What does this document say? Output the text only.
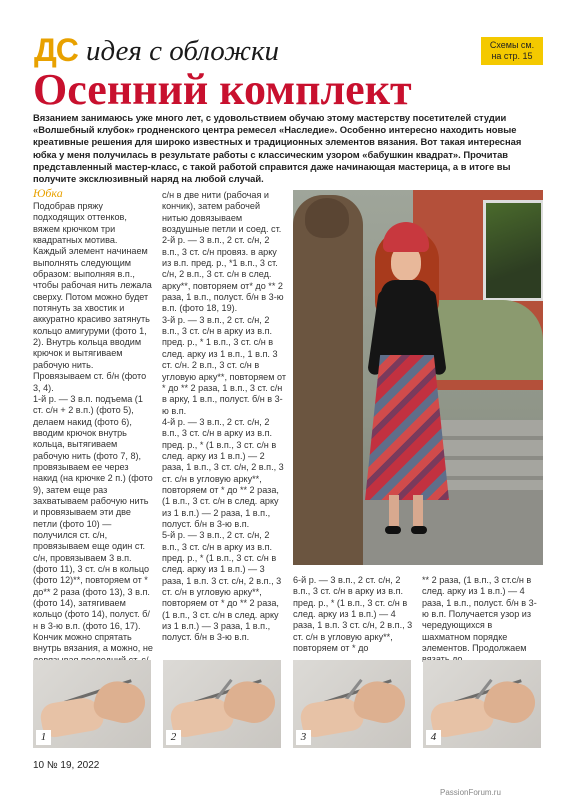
ДС идея с обложки	Схемы см. на стр. 15
Осенний комплект
Вязанием занимаюсь уже много лет, с удовольствием обучаю этому мастерству посетителей студии «Волшебный клубок» гродненского центра ремесел «Наследие». Особенно интересно находить новые креативные решения для широко известных и традиционных элементов вязания. Вот такая интересная юбка у меня получилась в результате работы с классическим узором «бабушкин квадрат». Прочитав представленный мастер-класс, с такой работой справится даже начинающая мастерица, а в итоге вы получите эксклюзивный наряд на любой случай.
Юбка
Подобрав пряжу подходящих оттенков, вяжем крючком три квадратных мотива. Каждый элемент начинаем выполнять следующим образом: выполняя в.п., чтобы рабочая нить лежала сверху. Потом можно будет потянуть за хвостик и аккуратно красиво затянуть кольцо амигуруми (фото 1, 2). Внутрь кольца вводим крючок и вытягиваем рабочую нить. Провязываем ст. б/н (фото 3, 4).
1-й р. — 3 в.п. подъема (1 ст. с/н + 2 в.п.) (фото 5), делаем накид (фото 6), вводим крючок внутрь кольца, вытягиваем рабочую нить (фото 7, 8), провязываем ее через накид (на крючке 2 п.) (фото 9), затем еще раз захватываем рабочую нить и провязываем эти две петли (фото 10) — получился ст. с/н, провязываем еще один ст. с/н, провязываем 3 в.п. (фото 11), 3 ст. с/н в кольцо (фото 12)**, повторяем от * до** 2 раза (фото 13), 3 в.п. (фото 14), затягиваем кольцо (фото 14), полуст. б/н в 3-ю в.п. (фото 16, 17). Кончик можно спрятать внутрь вязания, а можно, не
с/н в две нити (рабочая и кончик), затем рабочей нитью довязываем воздушные петли и соед. ст.
2-й р. — 3 в.п., 2 ст. с/н, 2 в.п., 3 ст. с/н провяз. в арку из в.п. пред. р., *1 в.п., 3 ст. с/н, 2 в.п., 3 ст. с/н в след. арку**, повторяем от* до ** 2 раза, 1 в.п., полуст. б/н в 3-ю в.п. (фото 18, 19).
3-й р. — 3 в.п., 2 ст. с/н, 2 в.п., 3 ст. с/н в арку из в.п. пред. р., * 1 в.п., 3 ст. с/н в след. арку из 1 в.п., 1 в.п. 3 ст. с/н. 2 в.п., 3 ст. с/н в угловую арку**, повторяем от * до ** 2 раза, 1 в.п., 3 ст. с/н в арку, 1 в.п., полуст. б/н в 3-ю в.п.
4-й р. — 3 в.п., 2 ст. с/н, 2 в.п., 3 ст. с/н в арку из в.п. пред. р., * (1 в.п., 3 ст. с/н в след. арку из 1 в.п.) — 2 раза, 1 в.п., 3 ст. с/н, 2 в.п., 3 ст. с/н в угловую арку**, повторяем от * до ** 2 раза, (1 в.п., 3 ст. с/н в след. арку из 1 в.п.) — 2 раза, 1 в.п., полуст. б/н в 3-ю в.п.
5-й р. — 3 в.п., 2 ст. с/н, 2 в.п., 3 ст. с/н в арку из в.п. пред. р., * (1 в.п., 3 ст. с/н в след. арку из 1 в.п.) — 3 раза, 1 в.п. 3 ст. с/н, 2 в.п., 3 ст. с/н в угловую арку**, повторяем от * до ** 2 раза, (1 в.п., 3 ст. с/н в след. арку из 1 в.п.) — 3 раза, 1 в.п., полуст. б/н в 3-ю в.п.
6-й р. — 3 в.п., 2 ст. с/н, 2 в.п., 3 ст. с/н в арку из в.п. пред. р., * (1 в.п., 3 ст. с/н в след. арку из 1 в.п.) — 4 раза, 1 в.п. 3 ст. с/н, 2 в.п., 3 ст. с/н в угловую арку**, повторяем от * до
** 2 раза, (1 в.п., 3 ст.с/н в след. арку из 1 в.п.) — 4 раза, 1 в.п., полуст. б/н в 3-ю в.п. Получается узор из чередующихся в шахматном порядке элементов. Продолжаем
1	2	3	4
10 № 19, 2022
PassionForum.ru
